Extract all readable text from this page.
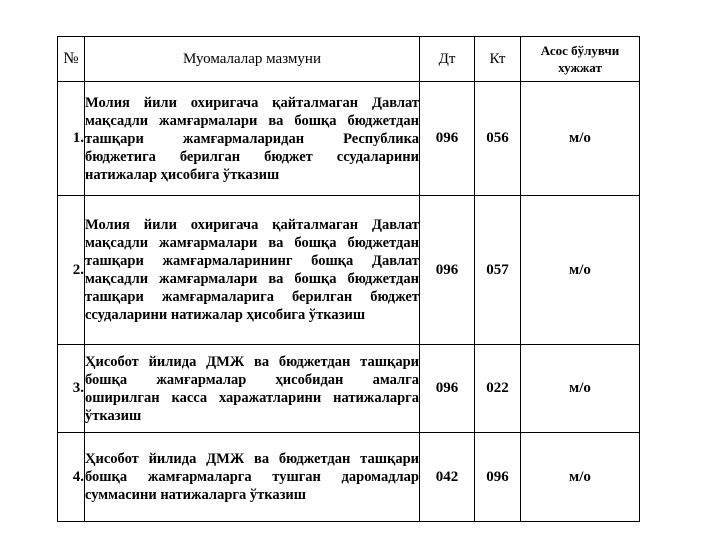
№	Муомалалар мазмуни	Дт	Кт	Асос бўлувчи хужжат
1.	Молия йили охиригача қайталмаган Давлат мақсадли жамғармалари ва бошқа бюджетдан ташқари жамғармаларидан Республика бюджетига берилган бюджет ссудаларини натижалар ҳисобига ўтказиш	096	056	м/о
2.	Молия йили охиригача қайталмаган Давлат мақсадли жамғармалари ва бошқа бюджетдан ташқари жамғармаларининг бошқа Давлат мақсадли жамғармалари ва бошқа бюджетдан ташқари жамғармаларига берилган бюджет ссудаларини натижалар ҳисобига ўтказиш	096	057	м/о
3.	Ҳисобот йилида ДМЖ ва бюджетдан ташқари бошқа жамғармалар ҳисобидан амалга оширилган касса харажатларини натижаларга ўтказиш	096	022	м/о
4.	Ҳисобот йилида ДМЖ ва бюджетдан ташқари бошқа жамғармаларга тушган даромадлар суммасини натижаларга ўтказиш	042	096	м/о
